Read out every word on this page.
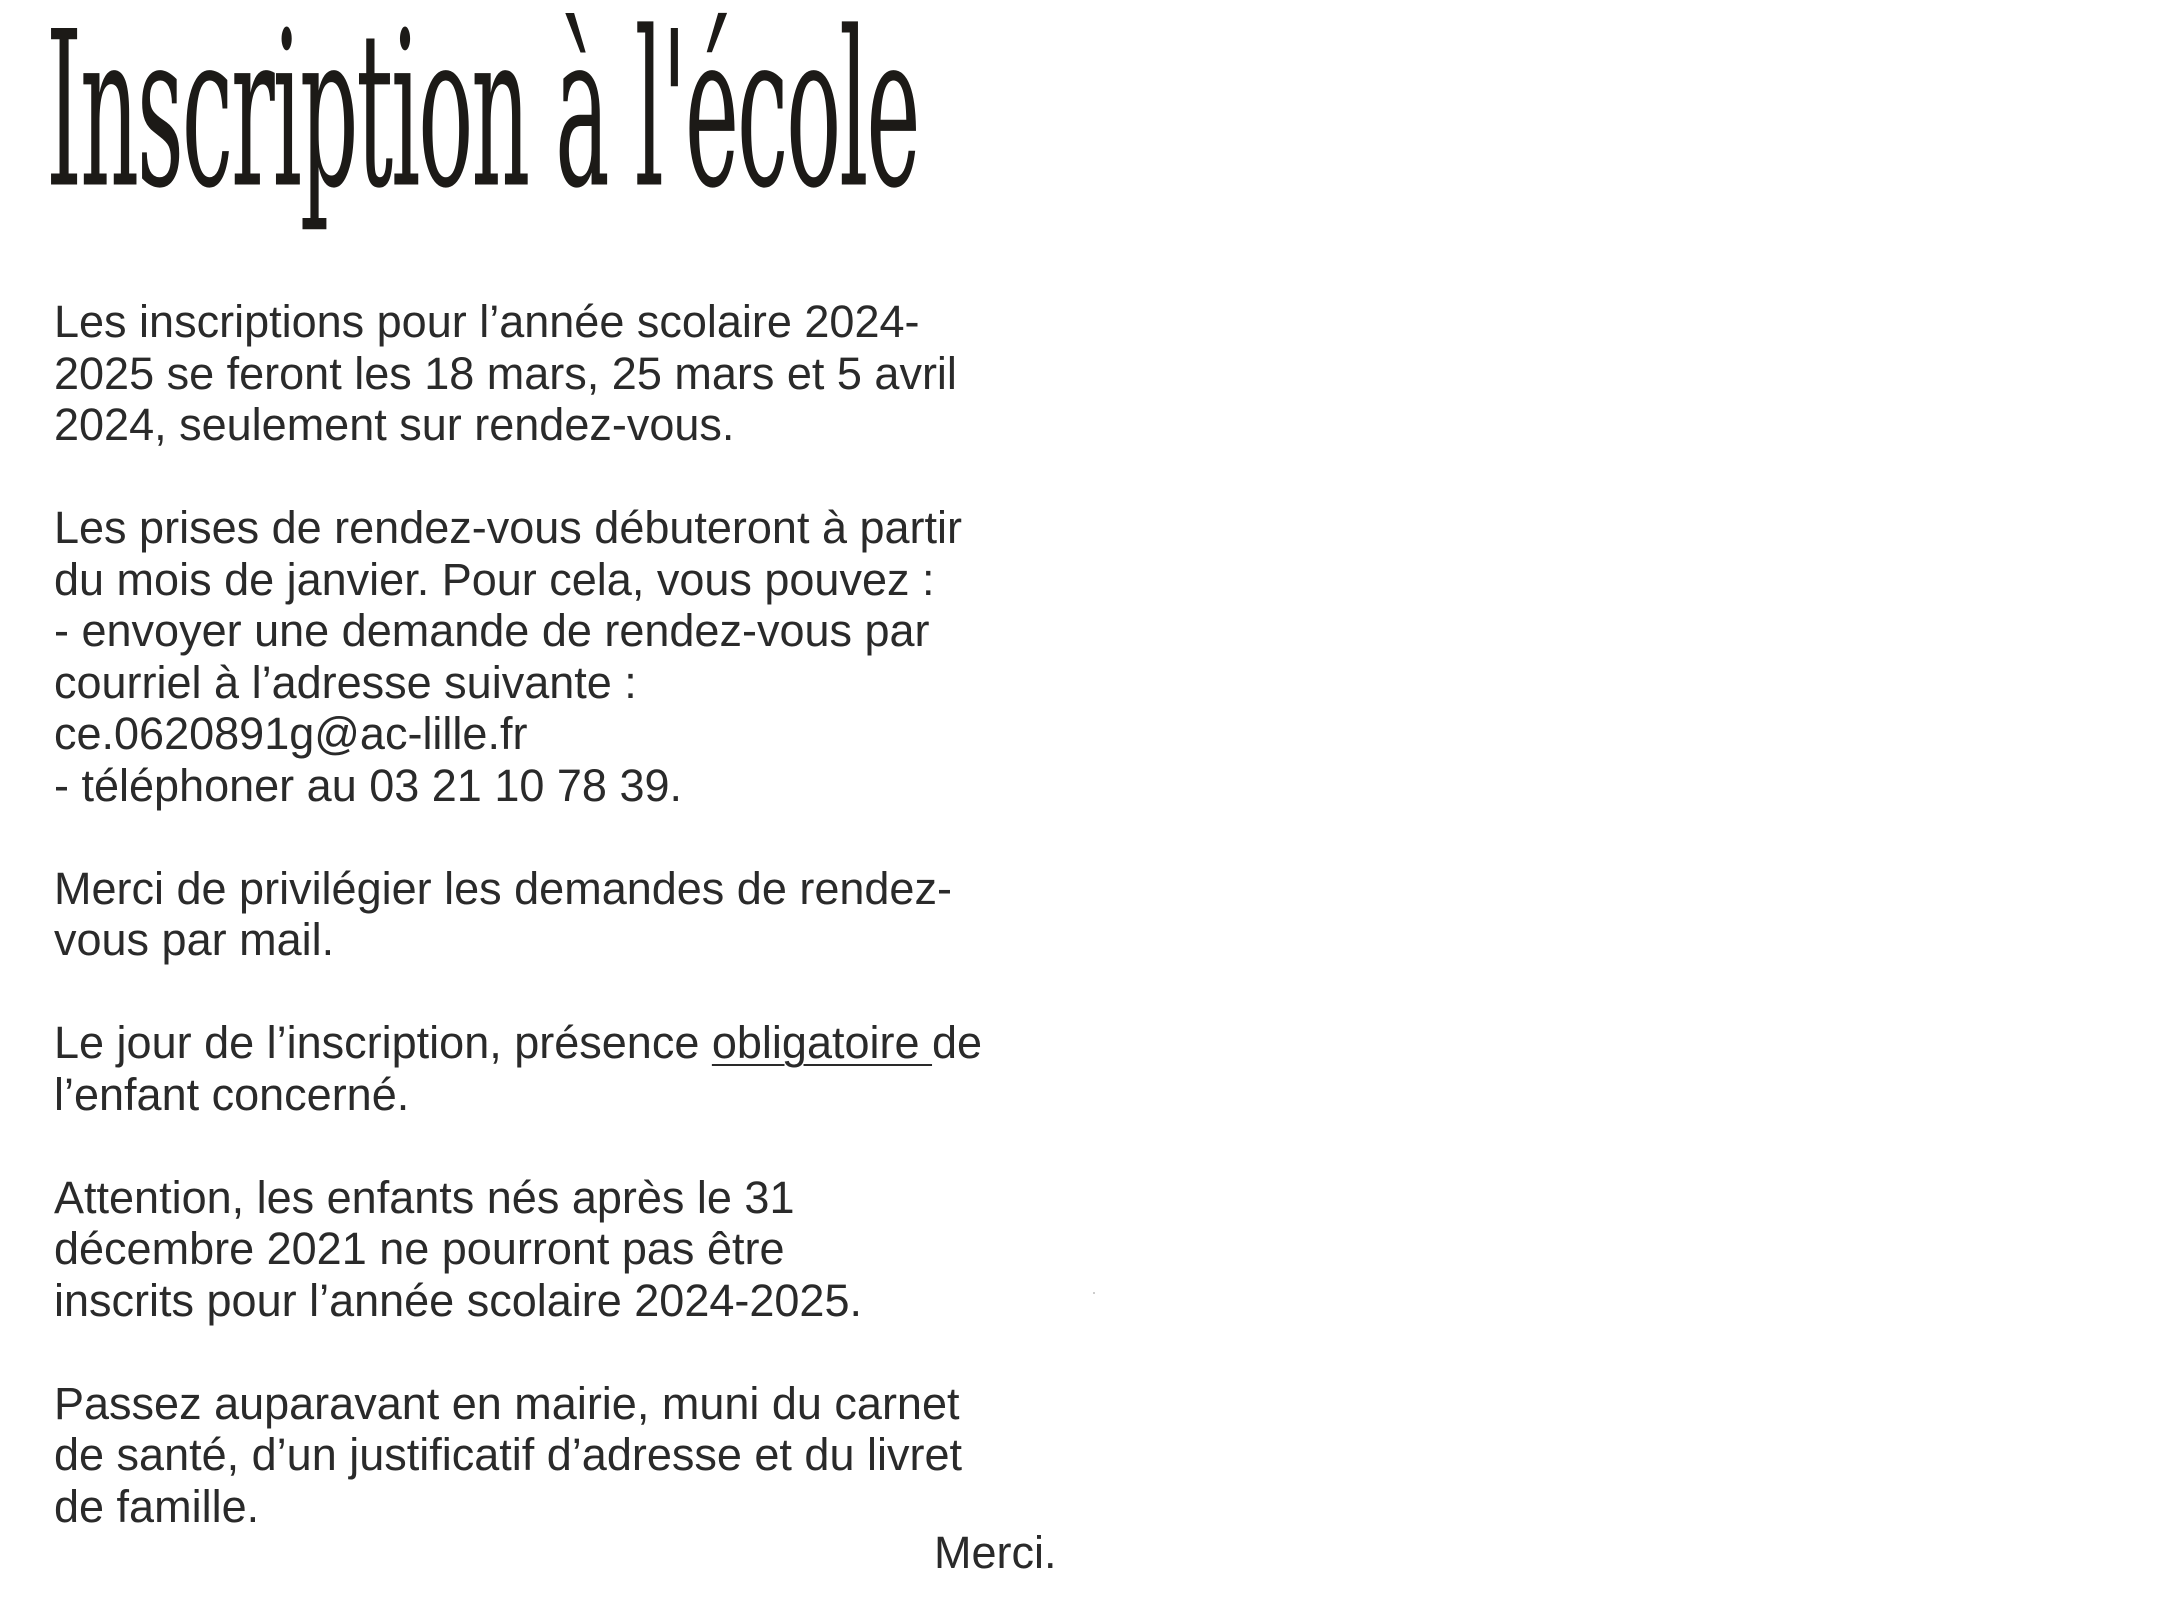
Inscription à l'école

Les inscriptions pour l’année scolaire 2024-
2025 se feront les 18 mars, 25 mars et 5 avril
2024, seulement sur rendez-vous.

Les prises de rendez-vous débuteront à partir
du mois de janvier. Pour cela, vous pouvez :
- envoyer une demande de rendez-vous par
courriel à l’adresse suivante :
ce.0620891g@ac-lille.fr
- téléphoner au 03 21 10 78 39.

Merci de privilégier les demandes de rendez-
vous par mail.

Le jour de l’inscription, présence obligatoire de
l’enfant concerné.

Attention, les enfants nés après le 31
décembre 2021 ne pourront pas être
inscrits pour l’année scolaire 2024-2025.

Passez auparavant en mairie, muni du carnet
de santé, d’un justificatif d’adresse et du livret
de famille.

Merci.
